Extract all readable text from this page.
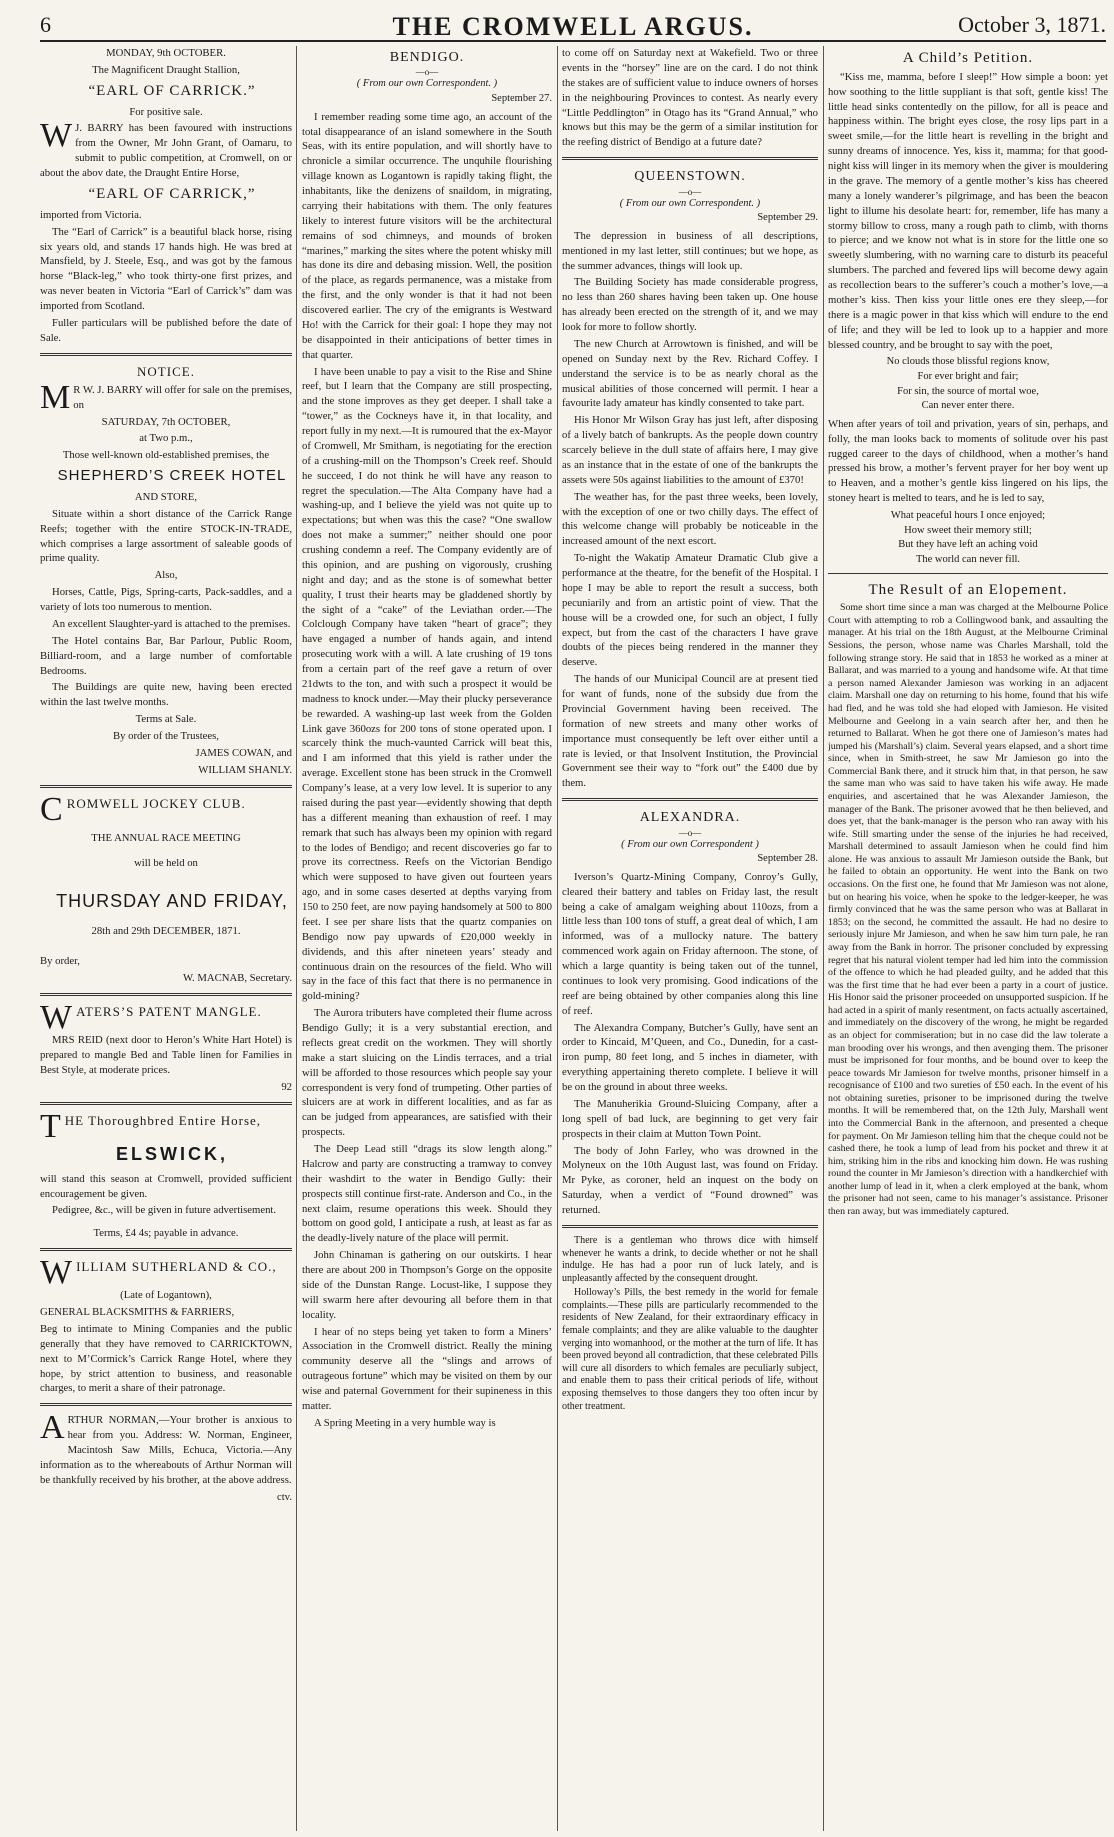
6	THE CROMWELL ARGUS.	October 3, 1871.

MONDAY, 9th OCTOBER.

The Magnificent Draught Stallion,

“EARL OF CARRICK.”

For positive sale.

W J. BARRY has been favoured with instructions from the Owner, Mr John Grant, of Oamaru, to submit to public competition, at Cromwell, on or about the abov date, the Draught Entire Horse,

“EARL OF CARRICK,”

imported from Victoria.

The “Earl of Carrick” is a beautiful black horse, rising six years old, and stands 17 hands high. He was bred at Mansfield, by J. Steele, Esq., and was got by the famous horse “Black-leg,” who took thirty-one first prizes, and was never beaten in Victoria “Earl of Carrick’s” dam was imported from Scotland.

Fuller particulars will be published before the date of Sale.

NOTICE.

M R W. J. BARRY will offer for sale on the premises, on

SATURDAY, 7th OCTOBER,

at Two p.m.,

Those well-known old-established premises, the

SHEPHERD’S CREEK HOTEL

AND STORE,

Situate within a short distance of the Carrick Range Reefs; together with the entire STOCK-IN-TRADE, which comprises a large assortment of saleable goods of prime quality.

Also,

Horses, Cattle, Pigs, Spring-carts, Pack-saddles, and a variety of lots too numerous to mention.

An excellent Slaughter-yard is attached to the premises.

The Hotel contains Bar, Bar Parlour, Public Room, Billiard-room, and a large number of comfortable Bedrooms.

The Buildings are quite new, having been erected within the last twelve months.

Terms at Sale.

By order of the Trustees,

JAMES COWAN, and

WILLIAM SHANLY.

CROMWELL JOCKEY CLUB.

THE ANNUAL RACE MEETING

will be held on

THURSDAY AND FRIDAY,

28th and 29th DECEMBER, 1871.

By order,

W. MACNAB, Secretary.

WATERS’S PATENT MANGLE.

MRS REID (next door to Heron’s White Hart Hotel) is prepared to mangle Bed and Table linen for Families in Best Style, at moderate prices.

92

THE Thoroughbred Entire Horse,

ELSWICK,

will stand this season at Cromwell, provided sufficient encouragement be given.

Pedigree, &c., will be given in future advertisement.

Terms, £4 4s; payable in advance.

WILLIAM SUTHERLAND & CO.,

(Late of Logantown),

GENERAL BLACKSMITHS & FARRIERS,

Beg to intimate to Mining Companies and the public generally that they have removed to CARRICKTOWN, next to M’Cormick’s Carrick Range Hotel, where they hope, by strict attention to business, and reasonable charges, to merit a share of their patronage.

ARTHUR NORMAN,—Your brother is anxious to hear from you. Address: W. Norman, Engineer, Macintosh Saw Mills, Echuca, Victoria.—Any information as to the whereabouts of Arthur Norman will be thankfully received by his brother, at the above address.

ctv.

BENDIGO.
—o—
( From our own Correspondent. )
September 27.

I remember reading some time ago, an account of the total disappearance of an island somewhere in the South Seas, with its entire population, and will shortly have to chronicle a similar occurrence. The unquhile flourishing village known as Logantown is rapidly taking flight, the inhabitants, like the denizens of snaildom, in migrating, carrying their habitations with them. The only features likely to interest future visitors will be the architectural remains of sod chimneys, and mounds of broken “marines,” marking the sites where the potent whisky mill has done its dire and debasing mission. Well, the position of the place, as regards permanence, was a mistake from the first, and the only wonder is that it had not been discovered earlier. The cry of the emigrants is Westward Ho! with the Carrick for their goal: I hope they may not be disappointed in their anticipations of better times in that quarter.

I have been unable to pay a visit to the Rise and Shine reef, but I learn that the Company are still prospecting, and the stone improves as they get deeper. I shall take a “tower,” as the Cockneys have it, in that locality, and report fully in my next.—It is rumoured that the ex-Mayor of Cromwell, Mr Smitham, is negotiating for the erection of a crushing-mill on the Thompson’s Creek reef. Should he succeed, I do not think he will have any reason to regret the speculation.—The Alta Company have had a washing-up, and I believe the yield was not quite up to expectations; but when was this the case? “One swallow does not make a summer;” neither should one poor crushing condemn a reef. The Company evidently are of this opinion, and are pushing on vigorously, crushing night and day; and as the stone is of somewhat better quality, I trust their hearts may be gladdened shortly by the sight of a “cake” of the Leviathan order.—The Colclough Company have taken “heart of grace”; they have engaged a number of hands again, and intend prosecuting work with a will. A late crushing of 19 tons from a certain part of the reef gave a return of over 21dwts to the ton, and with such a prospect it would be madness to knock under.—May their plucky perseverance be rewarded. A washing-up last week from the Golden Link gave 360ozs for 200 tons of stone operated upon. I scarcely think the much-vaunted Carrick will beat this, and I am informed that this yield is rather under the average. Excellent stone has been struck in the Cromwell Company’s lease, at a very low level. It is superior to any raised during the past year—evidently showing that depth has a different meaning than exhaustion of reef. I may remark that such has always been my opinion with regard to the lodes of Bendigo; and recent discoveries go far to prove its correctness. Reefs on the Victorian Bendigo which were supposed to have given out fourteen years ago, and in some cases deserted at depths varying from 150 to 250 feet, are now paying handsomely at 500 to 800 feet. I see per share lists that the quartz companies on Bendigo now pay upwards of £20,000 weekly in dividends, and this after nineteen years’ steady and continuous drain on the resources of the field. Who will say in the face of this fact that there is no permanence in gold-mining?

The Aurora tributers have completed their flume across Bendigo Gully; it is a very substantial erection, and reflects great credit on the workmen. They will shortly make a start sluicing on the Lindis terraces, and a trial will be afforded to those resources which people say your correspondent is very fond of trumpeting. Other parties of sluicers are at work in different localities, and as far as can be judged from appearances, are satisfied with their prospects.

The Deep Lead still “drags its slow length along.” Halcrow and party are constructing a tramway to convey their washdirt to the water in Bendigo Gully: their prospects still continue first-rate. Anderson and Co., in the next claim, resume operations this week. Should they bottom on good gold, I anticipate a rush, at least as far as the deadly-lively nature of the place will permit.

John Chinaman is gathering on our outskirts. I hear there are about 200 in Thompson’s Gorge on the opposite side of the Dunstan Range. Locust-like, I suppose they will swarm here after devouring all before them in that locality.

I hear of no steps being yet taken to form a Miners’ Association in the Cromwell district. Really the mining community deserve all the “slings and arrows of outrageous fortune” which may be visited on them by our wise and paternal Government for their supineness in this matter.

A Spring Meeting in a very humble way is

to come off on Saturday next at Wakefield. Two or three events in the “horsey” line are on the card. I do not think the stakes are of sufficient value to induce owners of horses in the neighbouring Provinces to contest. As nearly every “Little Peddlington” in Otago has its “Grand Annual,” who knows but this may be the germ of a similar institution for the reefing district of Bendigo at a future date?

QUEENSTOWN.
—o—
( From our own Correspondent. )
September 29.

The depression in business of all descriptions, mentioned in my last letter, still continues; but we hope, as the summer advances, things will look up.

The Building Society has made considerable progress, no less than 260 shares having been taken up. One house has already been erected on the strength of it, and we may look for more to follow shortly.

The new Church at Arrowtown is finished, and will be opened on Sunday next by the Rev. Richard Coffey. I understand the service is to be as nearly choral as the musical abilities of those concerned will permit. I hear a favourite lady amateur has kindly consented to take part.

His Honor Mr Wilson Gray has just left, after disposing of a lively batch of bankrupts. As the people down country scarcely believe in the dull state of affairs here, I may give as an instance that in the estate of one of the bankrupts the assets were 50s against liabilities to the amount of £370!

The weather has, for the past three weeks, been lovely, with the exception of one or two chilly days. The effect of this welcome change will probably be noticeable in the increased amount of the next escort.

To-night the Wakatip Amateur Dramatic Club give a performance at the theatre, for the benefit of the Hospital. I hope I may be able to report the result a success, both pecuniarily and from an artistic point of view. That the house will be a crowded one, for such an object, I fully expect, but from the cast of the characters I have grave doubts of the pieces being rendered in the manner they deserve.

The hands of our Municipal Council are at present tied for want of funds, none of the subsidy due from the Provincial Government having been received. The formation of new streets and many other works of importance must consequently be left over either until a rate is levied, or that Insolvent Institution, the Provincial Government see their way to “fork out” the £400 due by them.

ALEXANDRA.
—o—
( From our own Correspondent )
September 28.

Iverson’s Quartz-Mining Company, Conroy’s Gully, cleared their battery and tables on Friday last, the result being a cake of amalgam weighing about 110ozs, from a little less than 100 tons of stuff, a great deal of which, I am informed, was of a mullocky nature. The battery commenced work again on Friday afternoon. The stone, of which a large quantity is being taken out of the tunnel, continues to look very promising. Good indications of the reef are being obtained by other companies along this line of reef.

The Alexandra Company, Butcher’s Gully, have sent an order to Kincaid, M’Queen, and Co., Dunedin, for a cast-iron pump, 80 feet long, and 5 inches in diameter, with everything appertaining thereto complete. I believe it will be on the ground in about three weeks.

The Manuherikia Ground-Sluicing Company, after a long spell of bad luck, are beginning to get very fair prospects in their claim at Mutton Town Point.

The body of John Farley, who was drowned in the Molyneux on the 10th August last, was found on Friday. Mr Pyke, as coroner, held an inquest on the body on Saturday, when a verdict of “Found drowned” was returned.

There is a gentleman who throws dice with himself whenever he wants a drink, to decide whether or not he shall indulge. He has had a poor run of luck lately, and is unpleasantly affected by the consequent drought.

Holloway’s Pills, the best remedy in the world for female complaints.—These pills are particularly recommended to the residents of New Zealand, for their extraordinary efficacy in female complaints; and they are alike valuable to the daughter verging into womanhood, or the mother at the turn of life. It has been proved beyond all contradiction, that these celebrated Pills will cure all disorders to which females are peculiarly subject, and enable them to pass their critical periods of life, without exposing themselves to those dangers they too often incur by other treatment.

A Child’s Petition.

“Kiss me, mamma, before I sleep!” How simple a boon: yet how soothing to the little suppliant is that soft, gentle kiss! The little head sinks contentedly on the pillow, for all is peace and happiness within. The bright eyes close, the rosy lips part in a sweet smile,—for the little heart is revelling in the bright and sunny dreams of innocence. Yes, kiss it, mamma; for that good-night kiss will linger in its memory when the giver is mouldering in the grave. The memory of a gentle mother’s kiss has cheered many a lonely wanderer’s pilgrimage, and has been the beacon light to illume his desolate heart: for, remember, life has many a stormy billow to cross, many a rough path to climb, with thorns to pierce; and we know not what is in store for the little one so sweetly slumbering, with no warning care to disturb its peaceful slumbers. The parched and fevered lips will become dewy again as recollection bears to the sufferer’s couch a mother’s love,—a mother’s kiss. Then kiss your little ones ere they sleep,—for there is a magic power in that kiss which will endure to the end of life; and they will be led to look up to a happier and more blessed country, and be brought to say with the poet,

No clouds those blissful regions know,
For ever bright and fair;
For sin, the source of mortal woe,
Can never enter there.

When after years of toil and privation, years of sin, perhaps, and folly, the man looks back to moments of solitude over his past rugged career to the days of childhood, when a mother’s hand pressed his brow, a mother’s fervent prayer for her boy went up to Heaven, and a mother’s gentle kiss lingered on his lips, the stoney heart is melted to tears, and he is led to say,

What peaceful hours I once enjoyed;
How sweet their memory still;
But they have left an aching void
The world can never fill.
The Result of an Elopement.

Some short time since a man was charged at the Melbourne Police Court with attempting to rob a Collingwood bank, and assaulting the manager. At his trial on the 18th August, at the Melbourne Criminal Sessions, the person, whose name was Charles Marshall, told the following strange story. He said that in 1853 he worked as a miner at Ballarat, and was married to a young and handsome wife. At that time a person named Alexander Jamieson was working in an adjacent claim. Marshall one day on returning to his home, found that his wife had fled, and he was told she had eloped with Jamieson. He visited Melbourne and Geelong in a vain search after her, and then he returned to Ballarat. When he got there one of Jamieson’s mates had jumped his (Marshall’s) claim. Several years elapsed, and a short time since, when in Smith-street, he saw Mr Jamieson go into the Commercial Bank there, and it struck him that, in that person, he saw the same man who was said to have taken his wife away. He made enquiries, and ascertained that he was Alexander Jamieson, the manager of the Bank. The prisoner avowed that he then believed, and does yet, that the bank-manager is the person who ran away with his wife. Still smarting under the sense of the injuries he had received, Marshall determined to assault Jamieson when he could find him alone. He was anxious to assault Mr Jamieson outside the Bank, but he failed to obtain an opportunity. He went into the Bank on two occasions. On the first one, he found that Mr Jamieson was not alone, but on hearing his voice, when he spoke to the ledger-keeper, he was firmly convinced that he was the same person who was at Ballarat in 1853; on the second, he committed the assault. He had no desire to seriously injure Mr Jamieson, and when he saw him turn pale, he ran away from the Bank in horror. The prisoner concluded by expressing regret that his natural violent temper had led him into the commission of the offence to which he had pleaded guilty, and he added that this was the first time that he had ever been a party in a court of justice. His Honor said the prisoner proceeded on unsupported suspicion. If he had acted in a spirit of manly resentment, on facts actually ascertained, and immediately on the discovery of the wrong, he might be regarded as an object for commiseration; but in no case did the law tolerate a man brooding over his wrongs, and then avenging them. The prisoner must be imprisoned for four months, and be bound over to keep the peace towards Mr Jamieson for twelve months, prisoner himself in a recognisance of £100 and two sureties of £50 each. In the event of his not obtaining sureties, prisoner to be imprisoned during the twelve months. It will be remembered that, on the 12th July, Marshall went into the Commercial Bank in the afternoon, and presented a cheque for payment. On Mr Jamieson telling him that the cheque could not be cashed there, he took a lump of lead from his pocket and threw it at him, striking him in the ribs and knocking him down. He was rushing round the counter in Mr Jamieson’s direction with a handkerchief with another lump of lead in it, when a clerk employed at the bank, whom the prisoner had not seen, came to his manager’s assistance. Prisoner then ran away, but was immediately captured.
